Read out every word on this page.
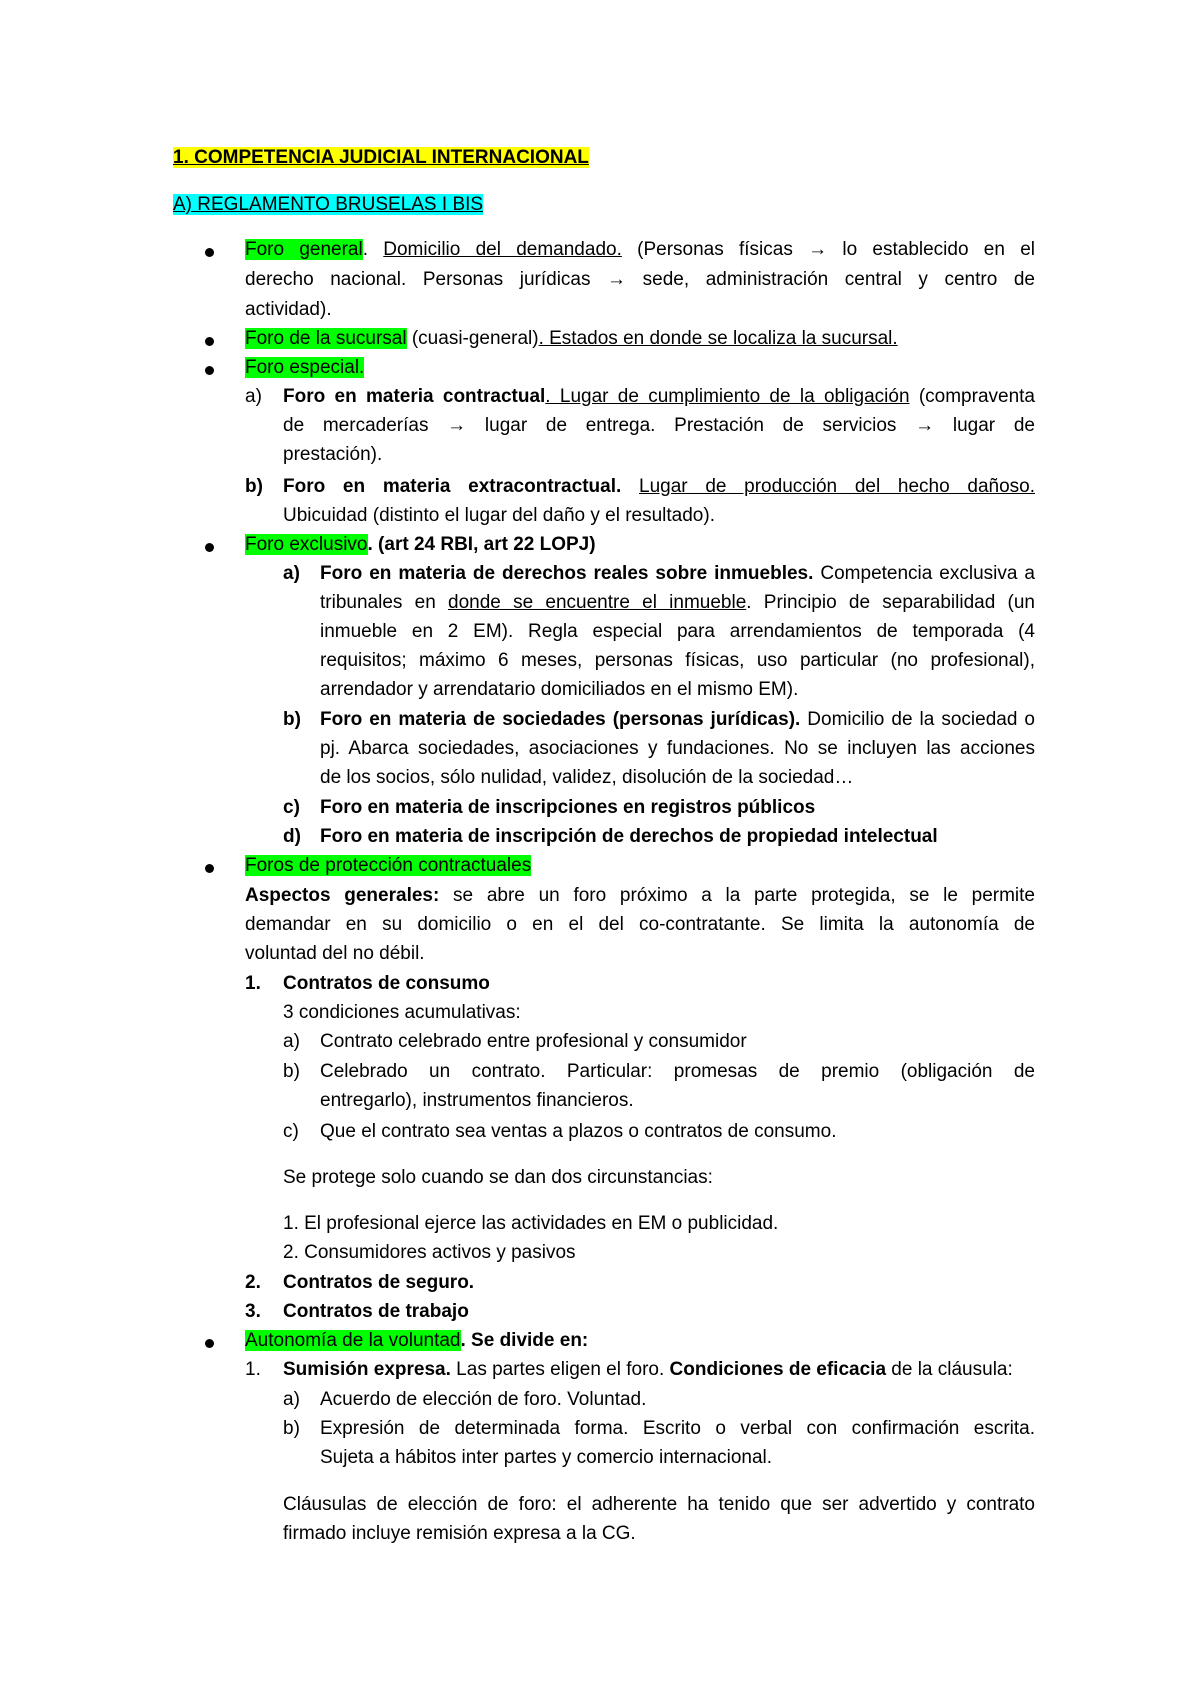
1. COMPETENCIA JUDICIAL INTERNACIONAL
A) REGLAMENTO BRUSELAS I BIS
Foro general. Domicilio del demandado. (Personas físicas → lo establecido en el
derecho nacional. Personas jurídicas → sede, administración central y centro de
actividad).
Foro de la sucursal (cuasi-general). Estados en donde se localiza la sucursal.
Foro especial.
a) Foro en materia contractual. Lugar de cumplimiento de la obligación (compraventa
de mercaderías → lugar de entrega. Prestación de servicios → lugar de
prestación).
b) Foro en materia extracontractual. Lugar de producción del hecho dañoso.
Ubicuidad (distinto el lugar del daño y el resultado).
Foro exclusivo. (art 24 RBI, art 22 LOPJ)
a) Foro en materia de derechos reales sobre inmuebles. Competencia exclusiva a
tribunales en donde se encuentre el inmueble. Principio de separabilidad (un
inmueble en 2 EM). Regla especial para arrendamientos de temporada (4
requisitos; máximo 6 meses, personas físicas, uso particular (no profesional),
arrendador y arrendatario domiciliados en el mismo EM).
b) Foro en materia de sociedades (personas jurídicas). Domicilio de la sociedad o
pj. Abarca sociedades, asociaciones y fundaciones. No se incluyen las acciones
de los socios, sólo nulidad, validez, disolución de la sociedad…
c) Foro en materia de inscripciones en registros públicos
d) Foro en materia de inscripción de derechos de propiedad intelectual
Foros de protección contractuales
Aspectos generales: se abre un foro próximo a la parte protegida, se le permite
demandar en su domicilio o en el del co-contratante. Se limita la autonomía de
voluntad del no débil.
1. Contratos de consumo
3 condiciones acumulativas:
a) Contrato celebrado entre profesional y consumidor
b) Celebrado un contrato. Particular: promesas de premio (obligación de
entregarlo), instrumentos financieros.
c) Que el contrato sea ventas a plazos o contratos de consumo.
Se protege solo cuando se dan dos circunstancias:
1. El profesional ejerce las actividades en EM o publicidad.
2. Consumidores activos y pasivos
2. Contratos de seguro.
3. Contratos de trabajo
Autonomía de la voluntad. Se divide en:
1. Sumisión expresa. Las partes eligen el foro. Condiciones de eficacia de la cláusula:
a) Acuerdo de elección de foro. Voluntad.
b) Expresión de determinada forma. Escrito o verbal con confirmación escrita.
Sujeta a hábitos inter partes y comercio internacional.
Cláusulas de elección de foro: el adherente ha tenido que ser advertido y contrato
firmado incluye remisión expresa a la CG.
